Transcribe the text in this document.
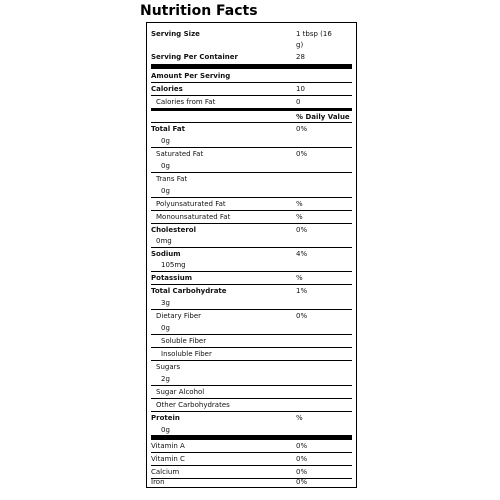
Nutrition Facts
Serving Size	1 tbsp (16
g)
Serving Per Container	28
Amount Per Serving
Calories	10
Calories from Fat	0
% Daily Value
Total Fat	0%
0g
Saturated Fat	0%
0g
Trans Fat
0g
Polyunsaturated Fat	%
Monounsaturated Fat	%
Cholesterol	0%
0mg
Sodium	4%
105mg
Potassium	%
Total Carbohydrate	1%
3g
Dietary Fiber	0%
0g
Soluble Fiber
Insoluble Fiber
Sugars
2g
Sugar Alcohol
Other Carbohydrates
Protein	%
0g
Vitamin A	0%
Vitamin C	0%
Calcium	0%
Iron	0%
